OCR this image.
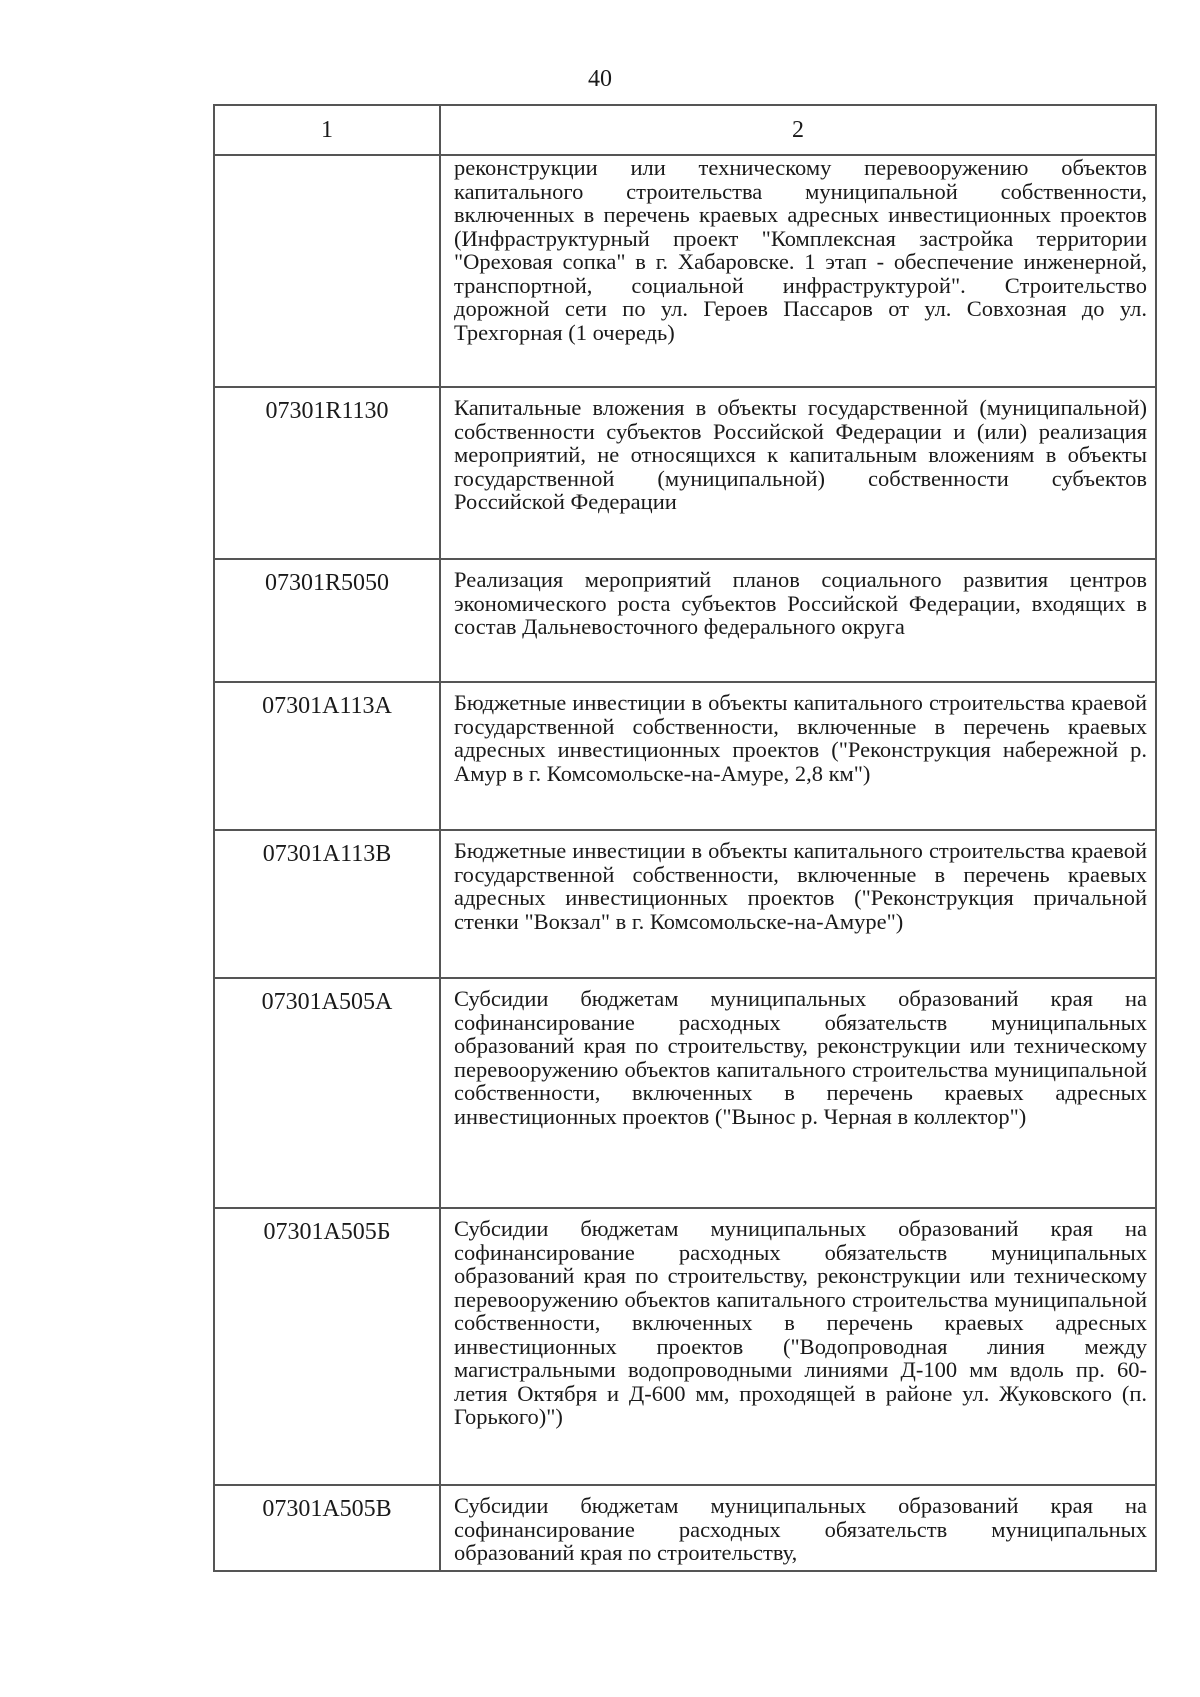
40
1	2
	реконструкции или техническому перевооружению объектов капитального строительства муниципальной собственности, включенных в перечень краевых адресных инвестиционных проектов (Инфраструктурный проект "Комплексная застройка территории "Ореховая сопка" в г. Хабаровске. 1 этап - обеспечение инженерной, транспортной, социальной инфраструктурой". Строительство дорожной сети по ул. Героев Пассаров от ул. Совхозная до ул. Трехгорная (1 очередь)
07301R1130	Капитальные вложения в объекты государственной (муниципальной) собственности субъектов Российской Федерации и (или) реализация мероприятий, не относящихся к капитальным вложениям в объекты государственной (муниципальной) собственности субъектов Российской Федерации
07301R5050	Реализация мероприятий планов социального развития центров экономического роста субъектов Российской Федерации, входящих в состав Дальневосточного федерального округа
07301A113A	Бюджетные инвестиции в объекты капитального строительства краевой государственной собственности, включенные в перечень краевых адресных инвестиционных проектов ("Реконструкция набережной р. Амур в г. Комсомольске-на-Амуре, 2,8 км")
07301A113B	Бюджетные инвестиции в объекты капитального строительства краевой государственной собственности, включенные в перечень краевых адресных инвестиционных проектов ("Реконструкция причальной стенки "Вокзал" в г. Комсомольске-на-Амуре")
07301A505A	Субсидии бюджетам муниципальных образований края на софинансирование расходных обязательств муниципальных образований края по строительству, реконструкции или техническому перевооружению объектов капитального строительства муниципальной собственности, включенных в перечень краевых адресных инвестиционных проектов ("Вынос р. Черная в коллектор")
07301A505Б	Субсидии бюджетам муниципальных образований края на софинансирование расходных обязательств муниципальных образований края по строительству, реконструкции или техническому перевооружению объектов капитального строительства муниципальной собственности, включенных в перечень краевых адресных инвестиционных проектов ("Водопроводная линия между магистральными водопроводными линиями Д-100 мм вдоль пр. 60-летия Октября и Д-600 мм, проходящей в районе ул. Жуковского (п. Горького)")
07301A505B	Субсидии бюджетам муниципальных образований края на софинансирование расходных обязательств муниципальных образований края по строительству,
